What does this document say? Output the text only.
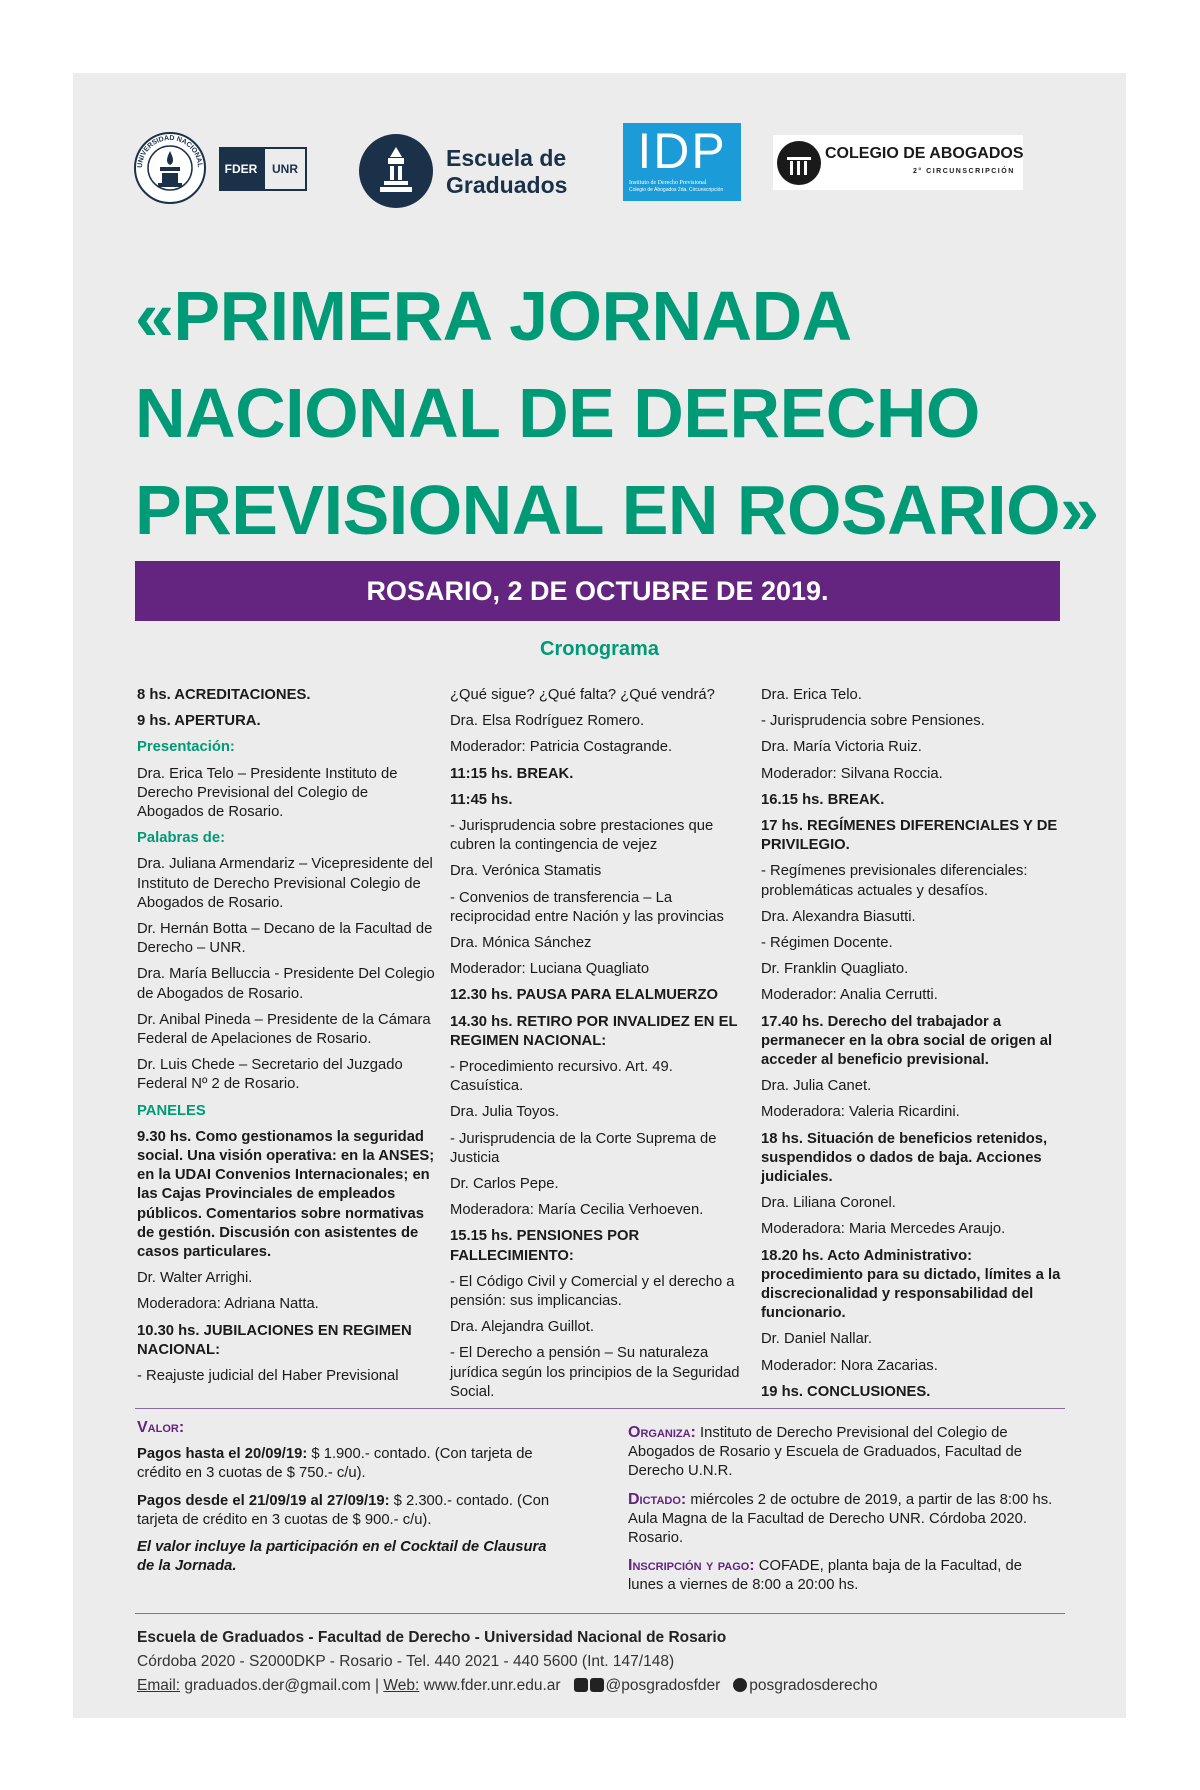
UNIVERSIDAD NACIONAL	FDER	UNR	Escuela de
Graduados
IDP
Instituto de Derecho Previsional
Colegio de Abogados 2da. Circunscripción
COLEGIO DE ABOGADOS
2° CIRCUNSCRIPCIÓN
«PRIMERA JORNADA
NACIONAL DE DERECHO
PREVISIONAL EN ROSARIO»
ROSARIO, 2 DE OCTUBRE DE 2019.
Cronograma

8 hs. ACREDITACIONES.

9 hs. APERTURA.

Presentación:

Dra. Erica Telo – Presidente Instituto de Derecho Previsional del Colegio de Abogados de Rosario.

Palabras de:

Dra. Juliana Armendariz – Vicepresidente del Instituto de Derecho Previsional Colegio de Abogados de Rosario.

Dr. Hernán Botta – Decano de la Facultad de Derecho – UNR.

Dra. María Belluccia - Presidente Del Colegio de Abogados de Rosario.

Dr. Anibal Pineda – Presidente de la Cámara Federal de Apelaciones de Rosario.

Dr. Luis Chede – Secretario del Juzgado Federal Nº 2 de Rosario.

PANELES

9.30 hs. Como gestionamos la seguridad social. Una visión operativa: en la ANSES; en la UDAI Convenios Internacionales; en las Cajas Provinciales de empleados públicos. Comentarios sobre normativas de gestión. Discusión con asistentes de casos particulares.

Dr. Walter Arrighi.

Moderadora: Adriana Natta.

10.30 hs. JUBILACIONES EN REGIMEN NACIONAL:

- Reajuste judicial del Haber Previsional

¿Qué sigue? ¿Qué falta? ¿Qué vendrá?

Dra. Elsa Rodríguez Romero.

Moderador: Patricia Costagrande.

11:15 hs. BREAK.

11:45 hs.

- Jurisprudencia sobre prestaciones que cubren la contingencia de vejez

Dra. Verónica Stamatis

- Convenios de transferencia – La reciprocidad entre Nación y las provincias

Dra. Mónica Sánchez

Moderador: Luciana Quagliato

12.30 hs. PAUSA PARA ELALMUERZO

14.30 hs. RETIRO POR INVALIDEZ EN EL REGIMEN NACIONAL:

- Procedimiento recursivo. Art. 49. Casuística.

Dra. Julia Toyos.

- Jurisprudencia de la Corte Suprema de Justicia

Dr. Carlos Pepe.

Moderadora: María Cecilia Verhoeven.

15.15 hs. PENSIONES POR FALLECIMIENTO:

- El Código Civil y Comercial y el derecho a pensión: sus implicancias.

Dra. Alejandra Guillot.

- El Derecho a pensión – Su naturaleza jurídica según los principios de la Seguridad Social.

Dra. Erica Telo.

- Jurisprudencia sobre Pensiones.

Dra. María Victoria Ruiz.

Moderador: Silvana Roccia.

16.15 hs. BREAK.

17 hs. REGÍMENES DIFERENCIALES Y DE PRIVILEGIO.

- Regímenes previsionales diferenciales: problemáticas actuales y desafíos.

Dra. Alexandra Biasutti.

- Régimen Docente.

Dr. Franklin Quagliato.

Moderador: Analia Cerrutti.

17.40 hs. Derecho del trabajador a permanecer en la obra social de origen al acceder al beneficio previsional.

Dra. Julia Canet.

Moderadora: Valeria Ricardini.

18 hs. Situación de beneficios retenidos, suspendidos o dados de baja. Acciones judiciales.

Dra. Liliana Coronel.

Moderadora: Maria Mercedes Araujo.

18.20 hs. Acto Administrativo: procedimiento para su dictado, límites a la discrecionalidad y responsabilidad del funcionario.

Dr. Daniel Nallar.

Moderador: Nora Zacarias.

19 hs. CONCLUSIONES.

Valor:

Pagos hasta el 20/09/19: $ 1.900.- contado. (Con tarjeta de crédito en 3 cuotas de $ 750.- c/u).

Pagos desde el 21/09/19 al 27/09/19: $ 2.300.- contado. (Con tarjeta de crédito en 3 cuotas de $ 900.- c/u).

El valor incluye la participación en el Cocktail de Clausura de la Jornada.

Organiza: Instituto de Derecho Previsional del Colegio de Abogados de Rosario y Escuela de Graduados, Facultad de Derecho U.N.R.

Dictado: miércoles 2 de octubre de 2019, a partir de las 8:00 hs. Aula Magna de la Facultad de Derecho UNR. Córdoba 2020. Rosario.

Inscripción y pago: COFADE, planta baja de la Facultad, de lunes a viernes de 8:00 a 20:00 hs.

Escuela de Graduados - Facultad de Derecho - Universidad Nacional de Rosario
Córdoba 2020 - S2000DKP - Rosario - Tel. 440 2021 - 440 5600 (Int. 147/148)
Email: graduados.der@gmail.com | Web: www.fder.unr.edu.ar	@posgradosfder posgradosderecho
